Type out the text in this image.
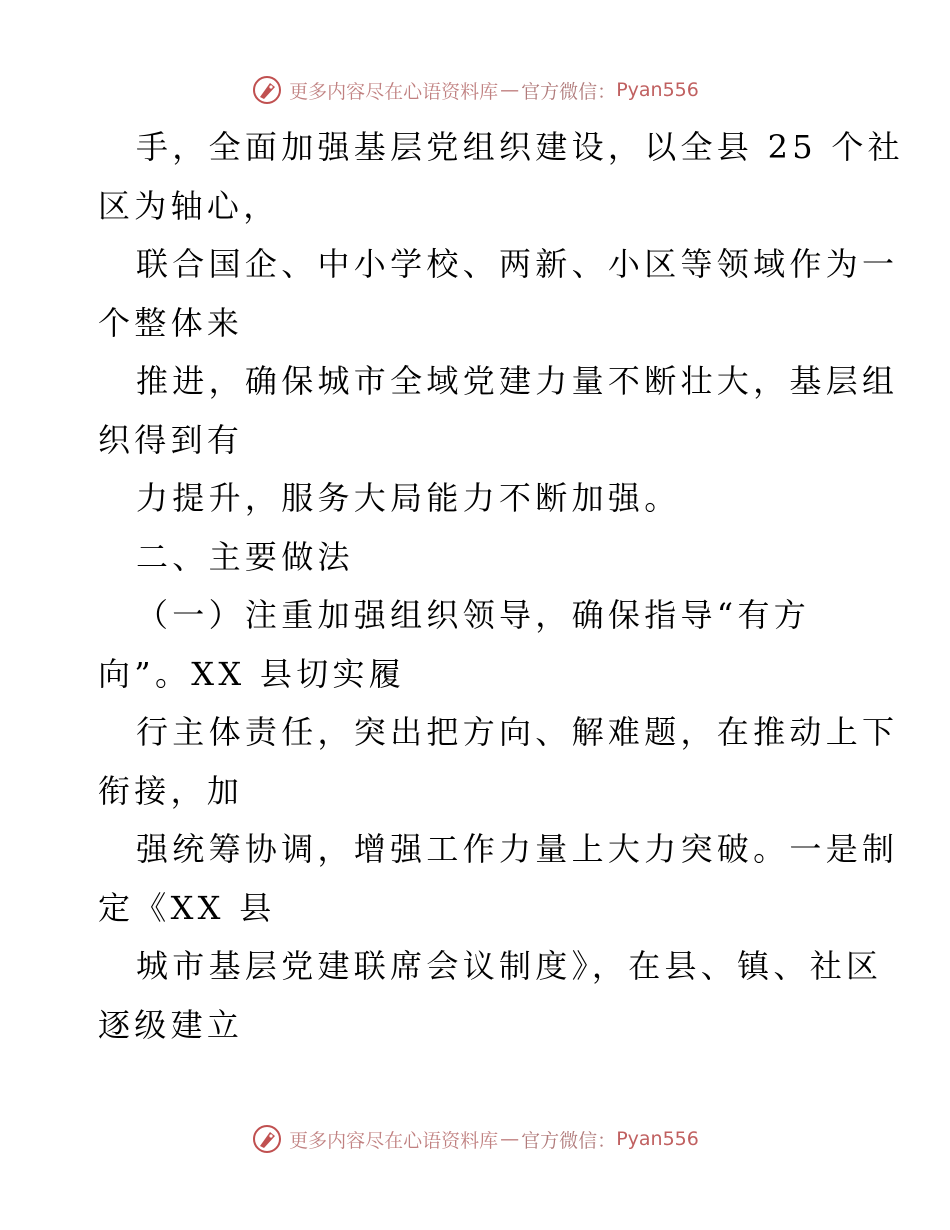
更多内容尽在心语资料库 — 官方微信： Pyan556
手，全面加强基层党组织建设，以全县 25 个社
区为轴心，
联合国企、中小学校、两新、小区等领域作为一
个整体来
推进，确保城市全域党建力量不断壮大，基层组
织得到有
力提升，服务大局能力不断加强。
二、主要做法
（一）注重加强组织领导，确保指导“有方
向”。XX 县切实履
行主体责任，突出把方向、解难题，在推动上下
衔接，加
强统筹协调，增强工作力量上大力突破。一是制
定《XX 县
城市基层党建联席会议制度》，在县、镇、社区
逐级建立
更多内容尽在心语资料库 — 官方微信： Pyan556
